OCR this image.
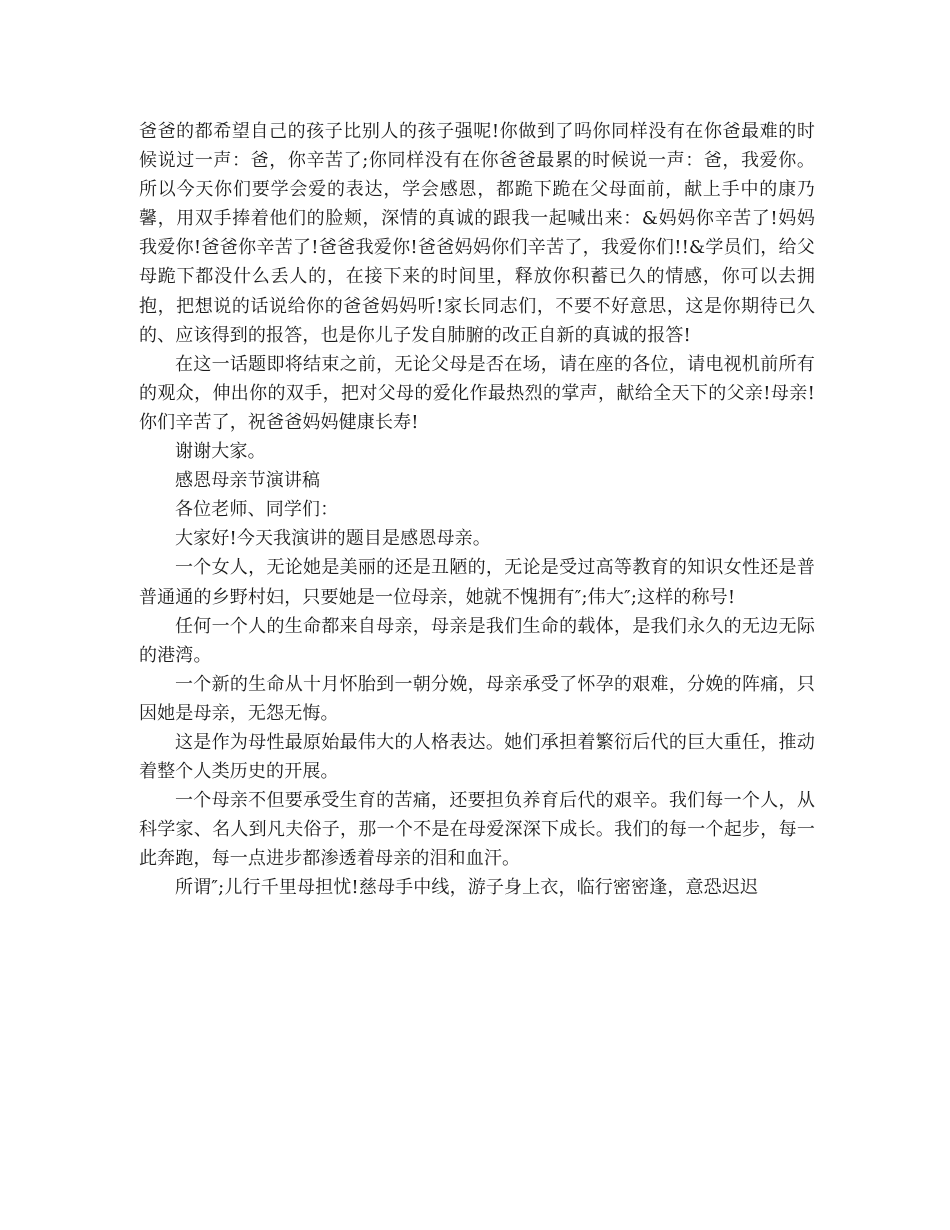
爸爸的都希望自己的孩子比别人的孩子强呢!你做到了吗你同样没有在你爸最难的时候说过一声：爸，你辛苦了;你同样没有在你爸爸最累的时候说一声：爸，我爱你。所以今天你们要学会爱的表达，学会感恩，都跪下跪在父母面前，献上手中的康乃馨，用双手捧着他们的脸颊，深情的真诚的跟我一起喊出来：&妈妈你辛苦了!妈妈我爱你!爸爸你辛苦了!爸爸我爱你!爸爸妈妈你们辛苦了，我爱你们!!&学员们，给父母跪下都没什么丢人的，在接下来的时间里，释放你积蓄已久的情感，你可以去拥抱，把想说的话说给你的爸爸妈妈听!家长同志们，不要不好意思，这是你期待已久的、应该得到的报答，也是你儿子发自肺腑的改正自新的真诚的报答!

在这一话题即将结束之前，无论父母是否在场，请在座的各位，请电视机前所有的观众，伸出你的双手，把对父母的爱化作最热烈的掌声，献给全天下的父亲!母亲!你们辛苦了，祝爸爸妈妈健康长寿!

谢谢大家。

感恩母亲节演讲稿

各位老师、同学们：

大家好!今天我演讲的题目是感恩母亲。

一个女人，无论她是美丽的还是丑陋的，无论是受过高等教育的知识女性还是普普通通的乡野村妇，只要她是一位母亲，她就不愧拥有″;伟大″;这样的称号!

任何一个人的生命都来自母亲，母亲是我们生命的载体，是我们永久的无边无际的港湾。

一个新的生命从十月怀胎到一朝分娩，母亲承受了怀孕的艰难，分娩的阵痛，只因她是母亲，无怨无悔。

这是作为母性最原始最伟大的人格表达。她们承担着繁衍后代的巨大重任，推动着整个人类历史的开展。

一个母亲不但要承受生育的苦痛，还要担负养育后代的艰辛。我们每一个人，从科学家、名人到凡夫俗子，那一个不是在母爱深深下成长。我们的每一个起步，每一此奔跑，每一点进步都渗透着母亲的泪和血汗。

所谓″;儿行千里母担忧!慈母手中线，游子身上衣，临行密密逢，意恐迟迟
